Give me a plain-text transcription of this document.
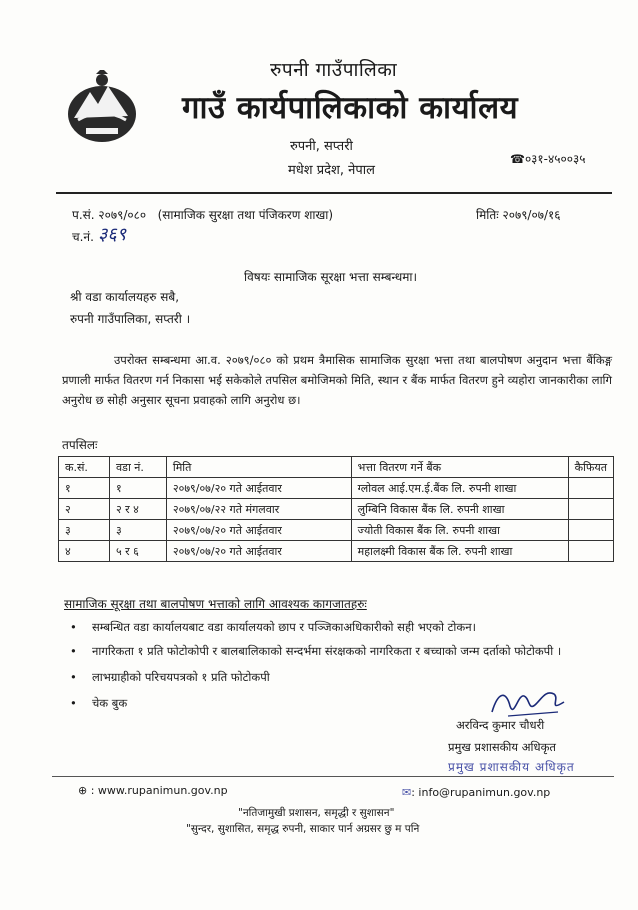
रुपनी गाउँपालिका
गाउँ कार्यपालिकाको कार्यालय
रुपनी, सप्तरी
मधेश प्रदेश, नेपाल
☎०३१-४५००३५
प.सं. २०७९/०८० (सामाजिक सुरक्षा तथा पंजिकरण शाखा)
च.नं. ३६९
मितिः २०७९/०७/१६
विषयः सामाजिक सूरक्षा भत्ता सम्बन्धमा।
श्री वडा कार्यालयहरु सबै,
रुपनी गाउँपालिका, सप्तरी ।
उपरोक्त सम्बन्धमा आ.व. २०७९/०८० को प्रथम त्रैमासिक सामाजिक सुरक्षा भत्ता तथा बालपोषण अनुदान भत्ता बैंकिङ्ग प्रणाली मार्फत वितरण गर्न निकासा भई सकेकोले तपसिल बमोजिमको मिति, स्थान र बैंक मार्फत वितरण हुने व्यहोरा जानकारीका लागि अनुरोध छ सोही अनुसार सूचना प्रवाहको लागि अनुरोध छ।
तपसिलः
क.सं.	वडा नं.	मिति	भत्ता वितरण गर्ने बैंक	कैफियत
१	१	२०७९/०७/२० गते आईतवार	ग्लोवल आई.एम.ई.बैंक लि. रुपनी शाखा	
२	२ र ४	२०७९/०७/२२ गते मंगलवार	लुम्बिनि विकास बैंक लि. रुपनी शाखा	
३	३	२०७९/०७/२० गते आईतवार	ज्योती विकास बैंक लि. रुपनी शाखा	
४	५ र ६	२०७९/०७/२० गते आईतवार	महालक्ष्मी विकास बैंक लि. रुपनी शाखा	
सामाजिक सूरक्षा तथा बालपोषण भत्ताको लागि आवश्यक कागजातहरुः
• सम्बन्धित वडा कार्यालयबाट वडा कार्यालयको छाप र पञ्जिकाअधिकारीको सही भएको टोकन।
• नागरिकता १ प्रति फोटोकोपी र बालबालिकाको सन्दर्भमा संरक्षकको नागरिकता र बच्चाको जन्म दर्ताको फोटोकपी ।
• लाभग्राहीको परिचयपत्रको १ प्रति फोटोकपी
• चेक बुक
अरविन्द कुमार चौधरी
प्रमुख प्रशासकीय अधिकृत
प्रमुख प्रशासकीय अधिकृत
⊕ : www.rupanimun.gov.np	✉: info@rupanimun.gov.np
"नतिजामुखी प्रशासन, समृद्धी र सुशासन"
"सुन्दर, सुशासित, समृद्ध रुपनी, साकार पार्न अग्रसर छु म पनि
